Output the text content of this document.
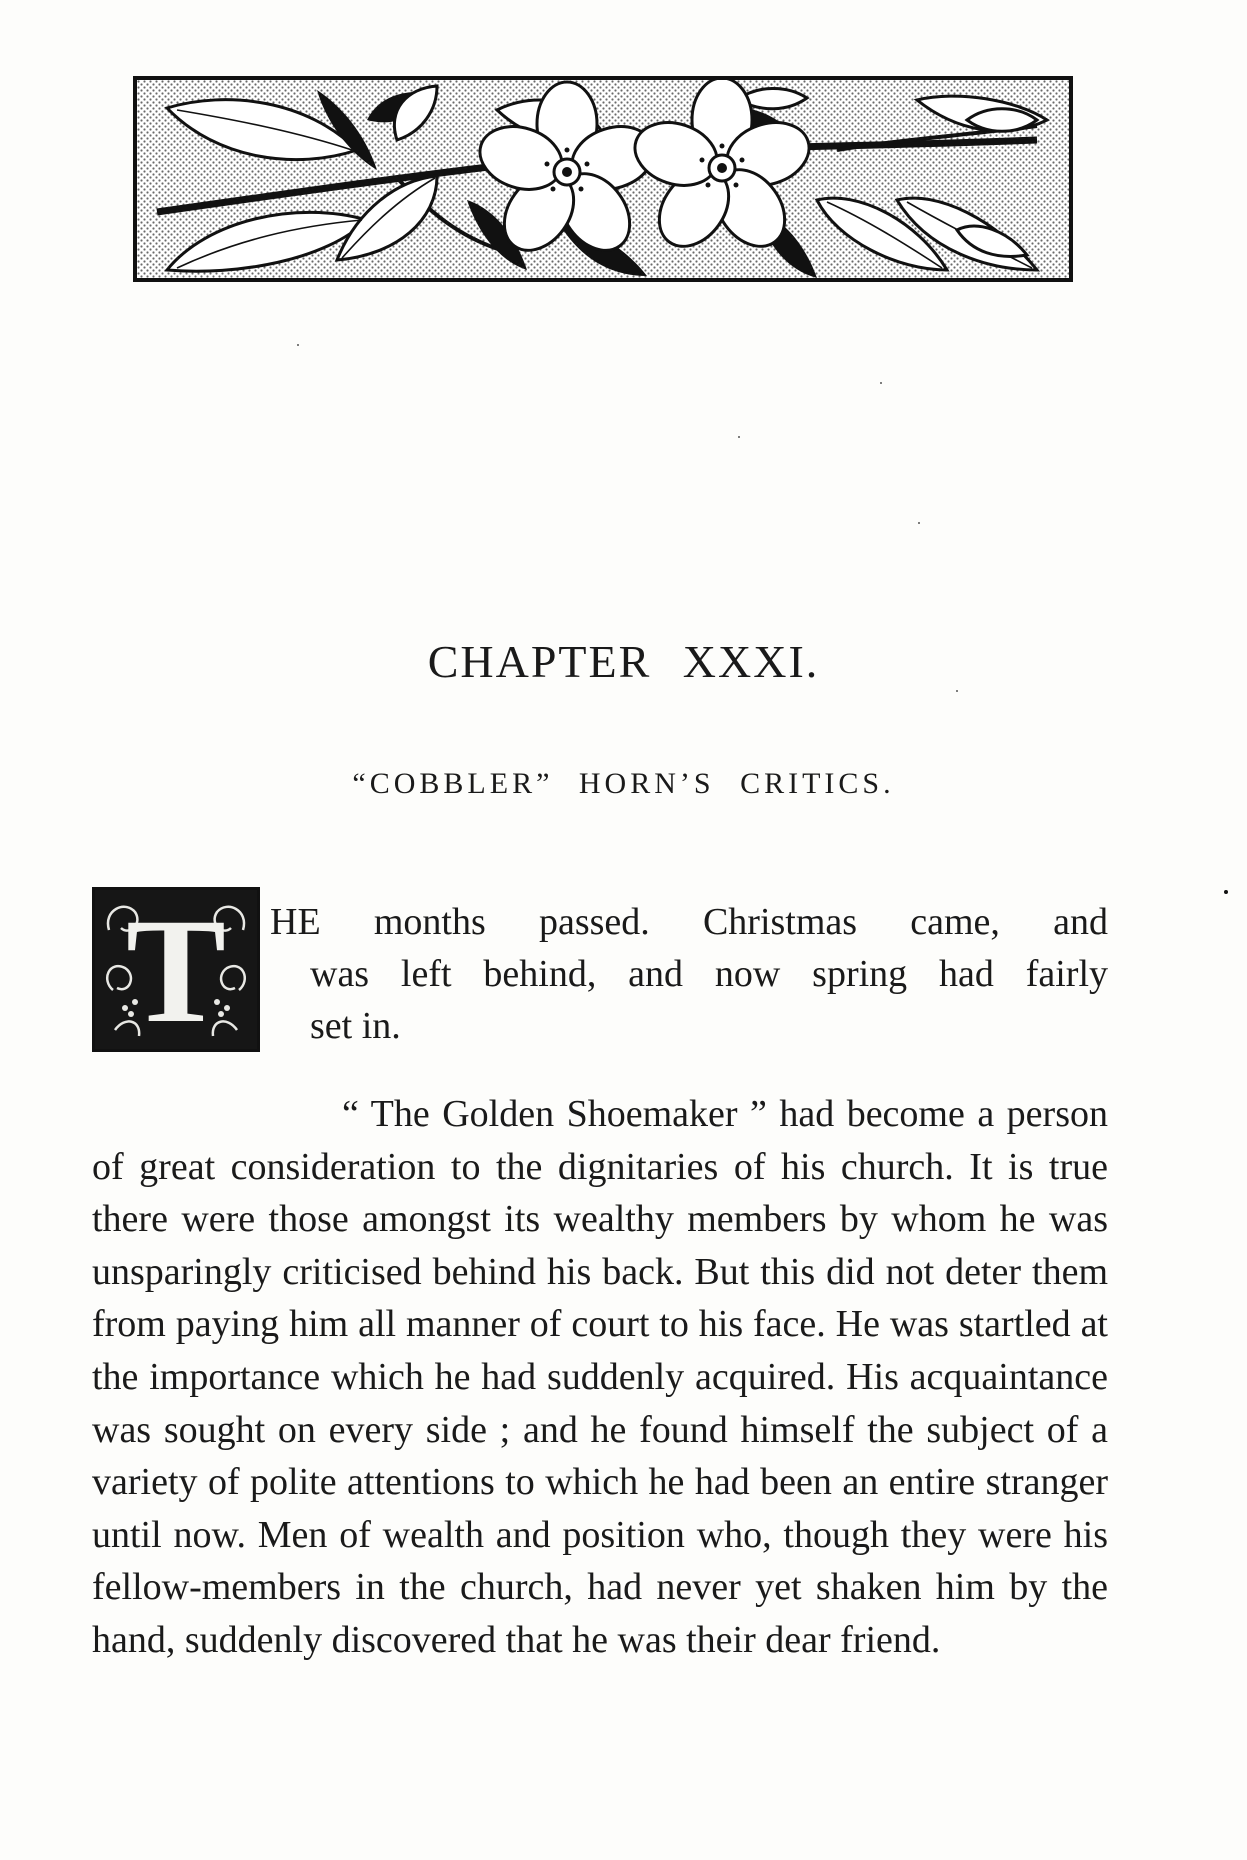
CHAPTER XXXI.
“COBBLER” HORN’S CRITICS.
T	HE months passed. Christmas came, and
was left behind, and now spring had fairly
set in.

“ The Golden Shoemaker ” had become a person of great consideration to the dignitaries of his church. It is true there were those amongst its wealthy members by whom he was unsparingly criticised behind his back. But this did not deter them from paying him all manner of court to his face. He was startled at the importance which he had suddenly acquired. His acquaintance was sought on every side ; and he found himself the subject of a variety of polite attentions to which he had been an entire stranger until now. Men of wealth and position who, though they were his fellow-members in the church, had never yet shaken him by the hand, suddenly discovered that he was their dear friend.
